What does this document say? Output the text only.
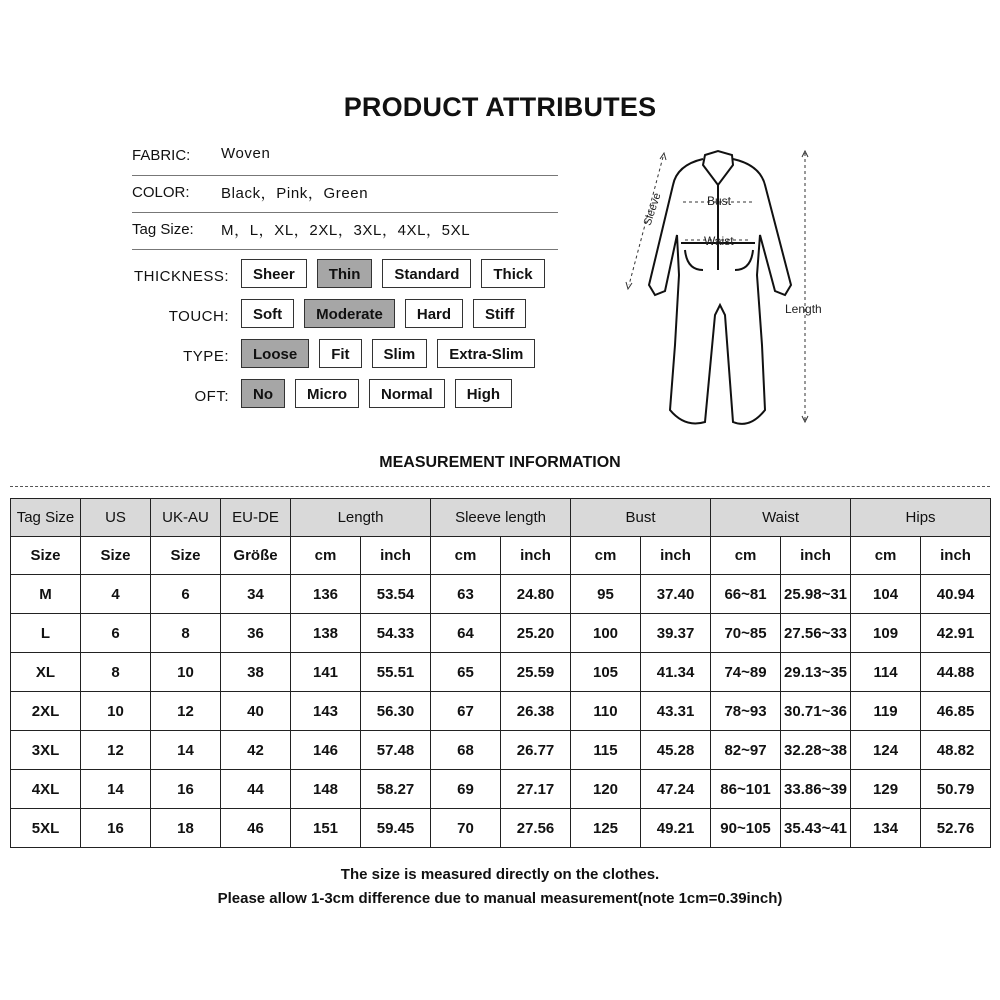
PRODUCT ATTRIBUTES
FABRIC: Woven
COLOR: Black，Pink，Green
Tag Size: M，L，XL，2XL，3XL，4XL，5XL
THICKNESS:	Sheer	Thin	Standard	Thick
TOUCH:	Soft	Moderate	Hard	Stiff
TYPE:	Loose	Fit	Slim	Extra-Slim
OFT:	No	Micro	Normal	High
Sleeve	Bust
Waist
Length
MEASUREMENT INFORMATION
Tag Size	US	UK-AU	EU-DE	Length		Sleeve length		Bust		Waist		Hips	
Size	Size	Size	Größe	cm	inch	cm	inch	cm	inch	cm	inch	cm	inch
M	4	6	34	136	53.54	63	24.80	95	37.40	66~81	25.98~31	104	40.94
L	6	8	36	138	54.33	64	25.20	100	39.37	70~85	27.56~33	109	42.91
XL	8	10	38	141	55.51	65	25.59	105	41.34	74~89	29.13~35	114	44.88
2XL	10	12	40	143	56.30	67	26.38	110	43.31	78~93	30.71~36	119	46.85
3XL	12	14	42	146	57.48	68	26.77	115	45.28	82~97	32.28~38	124	48.82
4XL	14	16	44	148	58.27	69	27.17	120	47.24	86~101	33.86~39	129	50.79
5XL	16	18	46	151	59.45	70	27.56	125	49.21	90~105	35.43~41	134	52.76
The size is measured directly on the clothes.
Please allow 1-3cm difference due to manual measurement(note 1cm=0.39inch)
